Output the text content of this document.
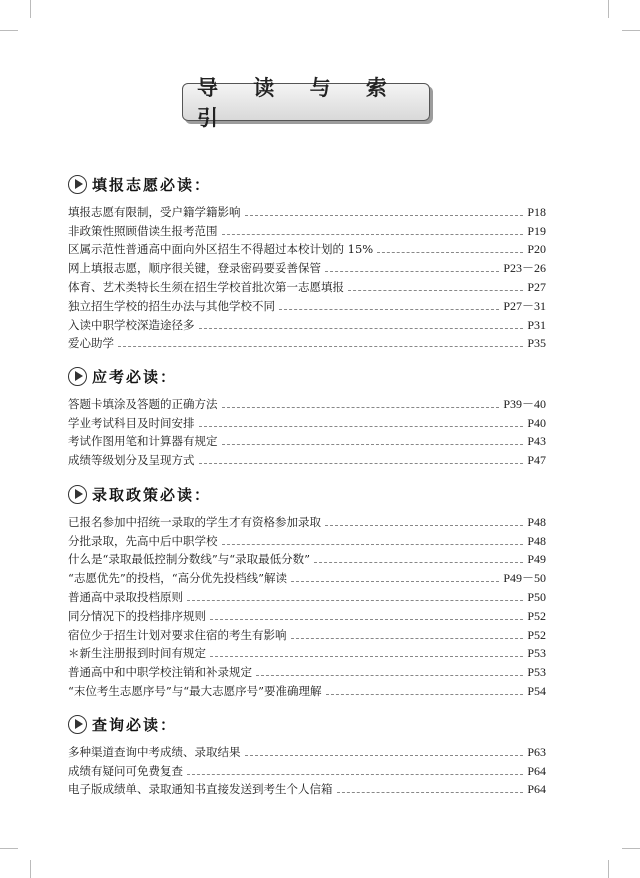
导 读 与 索 引
填报志愿必读：
填报志愿有限制，受户籍学籍影响	P18
非政策性照顾借读生报考范围	P19
区属示范性普通高中面向外区招生不得超过本校计划的 15%	P20
网上填报志愿，顺序很关键，登录密码要妥善保管	P23－26
体育、艺术类特长生须在招生学校首批次第一志愿填报	P27
独立招生学校的招生办法与其他学校不同	P27－31
入读中职学校深造途径多	P31
爱心助学	P35
应考必读：
答题卡填涂及答题的正确方法	P39－40
学业考试科目及时间安排	P40
考试作图用笔和计算器有规定	P43
成绩等级划分及呈现方式	P47
录取政策必读：
已报名参加中招统一录取的学生才有资格参加录取	P48
分批录取，先高中后中职学校	P48
什么是“录取最低控制分数线”与“录取最低分数”	P49
“志愿优先”的投档，“高分优先投档线”解读	P49－50
普通高中录取投档原则	P50
同分情况下的投档排序规则	P52
宿位少于招生计划对要求住宿的考生有影响	P52
＊新生注册报到时间有规定	P53
普通高中和中职学校注销和补录规定	P53
“末位考生志愿序号”与“最大志愿序号”要准确理解	P54
查询必读：
多种渠道查询中考成绩、录取结果	P63
成绩有疑问可免费复查	P64
电子版成绩单、录取通知书直接发送到考生个人信箱	P64
